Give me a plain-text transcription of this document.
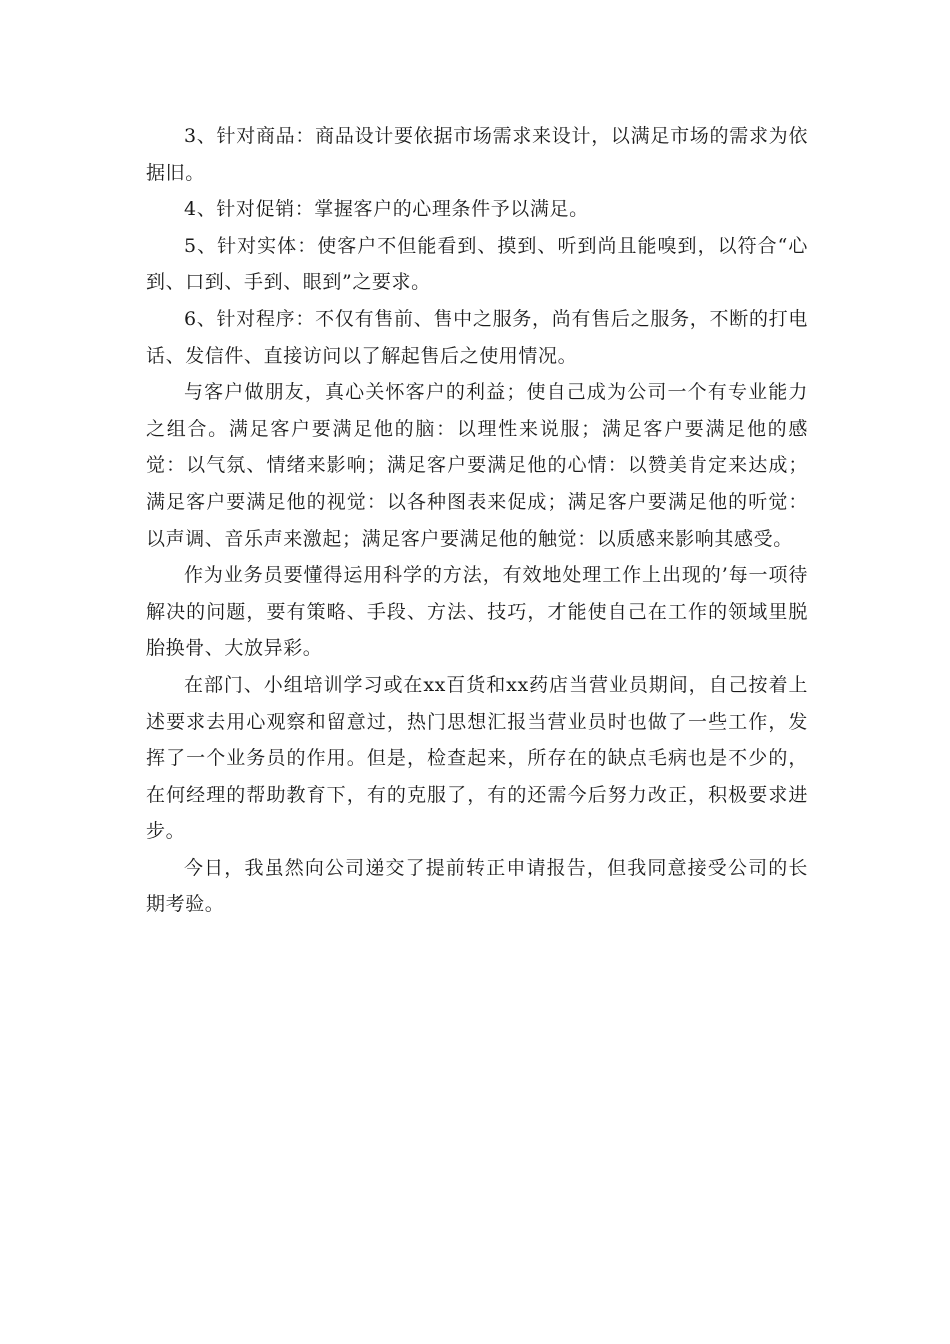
3、针对商品：商品设计要依据市场需求来设计，以满足市场的需求为依据旧。

4、针对促销：掌握客户的心理条件予以满足。

5、针对实体：使客户不但能看到、摸到、听到尚且能嗅到，以符合“心到、口到、手到、眼到”之要求。

6、针对程序：不仅有售前、售中之服务，尚有售后之服务，不断的打电话、发信件、直接访问以了解起售后之使用情况。

与客户做朋友，真心关怀客户的利益；使自己成为公司一个有专业能力之组合。满足客户要满足他的脑：以理性来说服；满足客户要满足他的感觉：以气氛、情绪来影响；满足客户要满足他的心情：以赞美肯定来达成；满足客户要满足他的视觉：以各种图表来促成；满足客户要满足他的听觉：以声调、音乐声来激起；满足客户要满足他的触觉：以质感来影响其感受。

作为业务员要懂得运用科学的方法，有效地处理工作上出现的’每一项待解决的问题，要有策略、手段、方法、技巧，才能使自己在工作的领域里脱胎换骨、大放异彩。

在部门、小组培训学习或在xx百货和xx药店当营业员期间，自己按着上述要求去用心观察和留意过，热门思想汇报当营业员时也做了一些工作，发挥了一个业务员的作用。但是，检查起来，所存在的缺点毛病也是不少的，在何经理的帮助教育下，有的克服了，有的还需今后努力改正，积极要求进步。

今日，我虽然向公司递交了提前转正申请报告，但我同意接受公司的长期考验。
